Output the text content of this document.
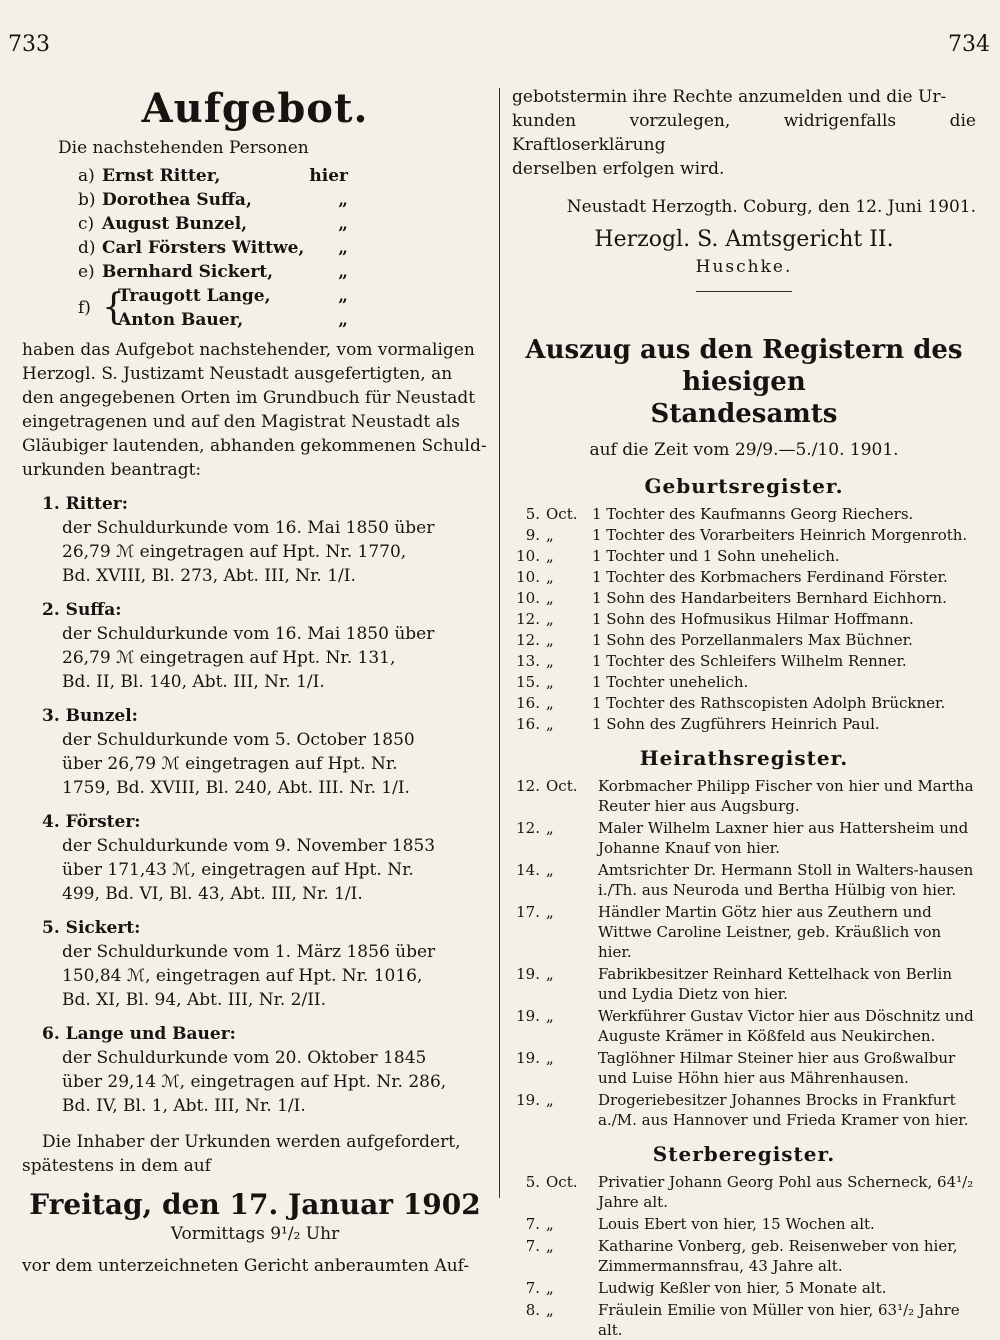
733	734
Aufgebot.
Die nachstehenden Personen
a) Ernst Ritter,	hier
b) Dorothea Suffa,	„
c) August Bunzel,	„
d) Carl Försters Wittwe,	„
e) Bernhard Sickert,	„
f) {
Traugott Lange,	„
Anton Bauer,	„
haben das Aufgebot nachstehender, vom vormaligen
Herzogl. S. Justizamt Neustadt ausgefertigten, an
den angegebenen Orten im Grundbuch für Neustadt
eingetragenen und auf den Magistrat Neustadt als
Gläubiger lautenden, abhanden gekommenen Schuld-
urkunden beantragt:
1. Ritter:
der Schuldurkunde vom 16. Mai 1850 über
26,79 ℳ eingetragen auf Hpt. Nr. 1770,
Bd. XVIII, Bl. 273, Abt. III, Nr. 1/I.
2. Suffa:
der Schuldurkunde vom 16. Mai 1850 über
26,79 ℳ eingetragen auf Hpt. Nr. 131,
Bd. II, Bl. 140, Abt. III, Nr. 1/I.
3. Bunzel:
der Schuldurkunde vom 5. October 1850
über 26,79 ℳ eingetragen auf Hpt. Nr.
1759, Bd. XVIII, Bl. 240, Abt. III. Nr. 1/I.
4. Förster:
der Schuldurkunde vom 9. November 1853
über 171,43 ℳ, eingetragen auf Hpt. Nr.
499, Bd. VI, Bl. 43, Abt. III, Nr. 1/I.
5. Sickert:
der Schuldurkunde vom 1. März 1856 über
150,84 ℳ, eingetragen auf Hpt. Nr. 1016,
Bd. XI, Bl. 94, Abt. III, Nr. 2/II.
6. Lange und Bauer:
der Schuldurkunde vom 20. Oktober 1845
über 29,14 ℳ, eingetragen auf Hpt. Nr. 286,
Bd. IV, Bl. 1, Abt. III, Nr. 1/I.
Die Inhaber der Urkunden werden aufgefordert,
spätestens in dem auf
Freitag, den 17. Januar 1902
Vormittags 9¹/₂ Uhr
vor dem unterzeichneten Gericht anberaumten Auf-
gebotstermin ihre Rechte anzumelden und die Ur-
kunden vorzulegen, widrigenfalls die Kraftloserklärung
derselben erfolgen wird.
Neustadt Herzogth. Coburg, den 12. Juni 1901.
Herzogl. S. Amtsgericht II.
Huschke.
Auszug aus den Registern des hiesigen
Standesamts
auf die Zeit vom 29/9.—5./10. 1901.
Geburtsregister.
5. Oct. 1 Tochter des Kaufmanns Georg Riechers.
9. „	1 Tochter des Vorarbeiters Heinrich Morgenroth.
10. „	1 Tochter und 1 Sohn unehelich.
10. „	1 Tochter des Korbmachers Ferdinand Förster.
10. „	1 Sohn des Handarbeiters Bernhard Eichhorn.
12. „	1 Sohn des Hofmusikus Hilmar Hoffmann.
12. „	1 Sohn des Porzellanmalers Max Büchner.
13. „	1 Tochter des Schleifers Wilhelm Renner.
15. „	1 Tochter unehelich.
16. „	1 Tochter des Rathscopisten Adolph Brückner.
16. „	1 Sohn des Zugführers Heinrich Paul.
Heirathsregister.
12. Oct.	Korbmacher Philipp Fischer von hier und Martha Reuter hier aus Augsburg.
12. „	Maler Wilhelm Laxner hier aus Hattersheim und Johanne Knauf von hier.
14. „	Amtsrichter Dr. Hermann Stoll in Walters-hausen i./Th. aus Neuroda und Bertha Hülbig von hier.
17. „	Händler Martin Götz hier aus Zeuthern und Wittwe Caroline Leistner, geb. Kräußlich von hier.
19. „	Fabrikbesitzer Reinhard Kettelhack von Berlin und Lydia Dietz von hier.
19. „	Werkführer Gustav Victor hier aus Döschnitz und Auguste Krämer in Kößfeld aus Neukirchen.
19. „	Taglöhner Hilmar Steiner hier aus Großwalbur und Luise Höhn hier aus Mährenhausen.
19. „	Drogeriebesitzer Johannes Brocks in Frankfurt a./M. aus Hannover und Frieda Kramer von hier.
Sterberegister.
5. Oct.	Privatier Johann Georg Pohl aus Scherneck, 64¹/₂ Jahre alt.
7. „	Louis Ebert von hier, 15 Wochen alt.
7. „	Katharine Vonberg, geb. Reisenweber von hier, Zimmermannsfrau, 43 Jahre alt.
7. „	Ludwig Keßler von hier, 5 Monate alt.
8. „	Fräulein Emilie von Müller von hier, 63¹/₂ Jahre alt.
